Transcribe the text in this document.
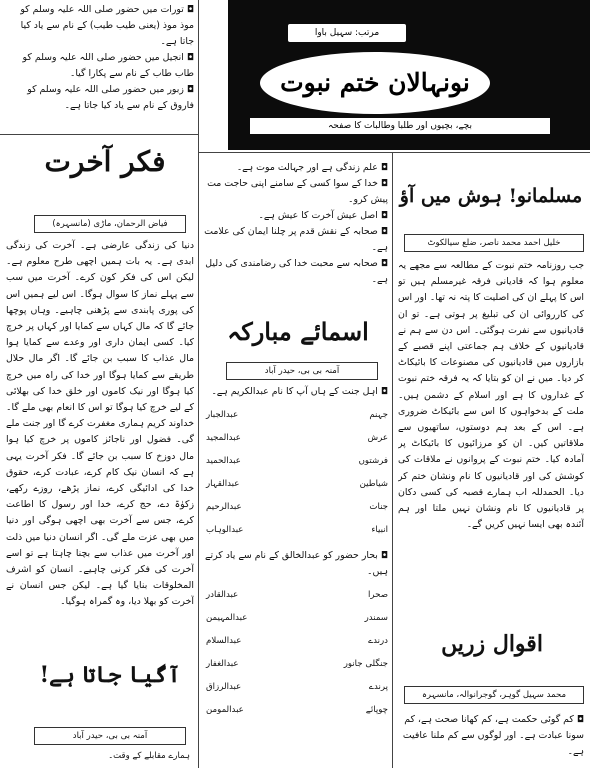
مرتب: سہیل باوا
نونہالان ختم نبوت
بچے، بچیوں اور طلبا وطالبات کا صفحہ
◘تورات میں حضور صلی اللہ علیہ وسلم کو موذ موذ (یعنی طیب طیب) کے نام سے یاد کیا جاتا ہے۔
◘انجیل میں حضور صلی اللہ علیہ وسلم کو طاب طاب کے نام سے پکارا گیا۔
◘زبور میں حضور صلی اللہ علیہ وسلم کو فاروق کے نام سے یاد کیا جاتا ہے۔
فکر آخرت
فیاض الرحمان، ماڑی (مانسہرہ)
دنیا کی زندگی عارضی ہے۔ آخرت کی زندگی ابدی ہے۔ یہ بات ہمیں اچھی طرح معلوم ہے۔ لیکن اس کی فکر کون کرے۔ آخرت میں سب سے پہلے نماز کا سوال ہوگا۔ اس لیے ہمیں اس کی پوری پابندی سے پڑھنی چاہیے۔ وہاں پوچھا جائے گا کہ مال کہاں سے کمایا اور کہاں پر خرچ کیا۔ کسی ایمان داری اور وعدے سے کمایا ہوا مال عذاب کا سبب بن جائے گا۔ اگر مال حلال طریقے سے کمایا ہوگا اور خدا کی راہ میں خرچ کیا ہوگا اور نیک کاموں اور خلق خدا کی بھلائی کے لیے خرچ کیا ہوگا تو اس کا انعام بھی ملے گا۔ خداوند کریم ہماری مغفرت کرے گا اور جنت ملے گی۔ فضول اور ناجائز کاموں پر خرچ کیا ہوا مال دوزخ کا سبب بن جائے گا۔ فکر آخرت یہی ہے کہ انسان نیک کام کرے، عبادت کرے، حقوق خدا کی ادائیگی کرے، نماز پڑھے، روزے رکھے، زکوٰۃ دے، حج کرے، خدا اور رسول کا اطاعت کرے، جس سے آخرت بھی اچھی ہوگی اور دنیا میں بھی عزت ملے گی۔ اگر انسان دنیا میں ذلت اور آخرت میں عذاب سے بچنا چاہتا ہے تو اسے آخرت کی فکر کرنی چاہیے۔ انسان کو اشرف المخلوقات بنایا گیا ہے۔ لیکن جس انسان نے آخرت کو بھلا دیا، وہ گمراہ ہوگیا۔
آگیا جاتا ہے!
آمنہ بی بی، حیدر آباد
ہمارے مقابلے کے وقت۔
◘علم زندگی ہے اور جہالت موت ہے۔
◘خدا کے سوا کسی کے سامنے اپنی حاجت مت پیش کرو۔
◘اصل عیش آخرت کا عیش ہے۔
◘صحابہ کے نقش قدم پر چلنا ایمان کی علامت ہے۔
◘صحابہ سے محبت خدا کی رضامندی کی دلیل ہے۔
اسمائے مبارکہ
آمنہ بی بی، حیدر آباد
◘اہل جنت کے ہاں آپ کا نام عبدالکریم ہے۔
جہنم
عبدالجبار
عرش
عبدالمجید
فرشتوں
عبدالحمید
شیاطین
عبدالقہار
جنات
عبدالرحیم
انبیاء
عبدالوہاب
◘بحار حضور کو عبدالخالق کے نام سے یاد کرتے ہیں۔
صحرا
عبدالقادر
سمندر
عبدالمہیمن
درندے
عبدالسلام
جنگلی جانور
عبدالغفار
پرندے
عبدالرزاق
چوپائے
عبدالمومن
مسلمانو! ہوش میں آؤ
خلیل احمد محمد ناصر، ضلع سیالکوٹ
جب روزنامہ ختم نبوت کے مطالعہ سے مجھے یہ معلوم ہوا کہ قادیانی فرقہ غیرمسلم ہیں تو اس کا پہلے ان کی اصلیت کا پتہ نہ تھا۔ اور اس کی کارروائی ان کی تبلیغ پر ہوتی ہے۔ تو ان قادیانیوں سے نفرت ہوگئی۔ اس دن سے ہم نے قادیانیوں کے خلاف ہم جماعتی اپنے قصبے کے بازاروں میں قادیانیوں کی مصنوعات کا بائیکاٹ کر دیا۔ میں نے ان کو بتایا کہ یہ فرقہ ختم نبوت کے غداروں کا ہے اور اسلام کے دشمن ہیں۔ ملت کے بدخواہوں کا اس سے بائیکاٹ ضروری ہے۔ اس کے بعد ہم دوستوں، ساتھیوں سے ملاقاتیں کیں۔ ان کو مرزائیوں کا بائیکاٹ پر آمادہ کیا۔ ختم نبوت کے پروانوں نے ملاقات کی کوشش کی اور قادیانیوں کا نام ونشان ختم کر دیا۔ الحمدللہ اب ہمارے قصبہ کی کسی دکان پر قادیانیوں کا نام ونشان نہیں ملتا اور ہم آئندہ بھی ایسا نہیں کریں گے۔
اقوال زریں
محمد سہیل گوہر، گوجرانوالہ، مانسہرہ
◘کم گوئی حکمت ہے، کم کھانا صحت ہے، کم سونا عبادت ہے۔ اور لوگوں سے کم ملنا عافیت ہے۔
